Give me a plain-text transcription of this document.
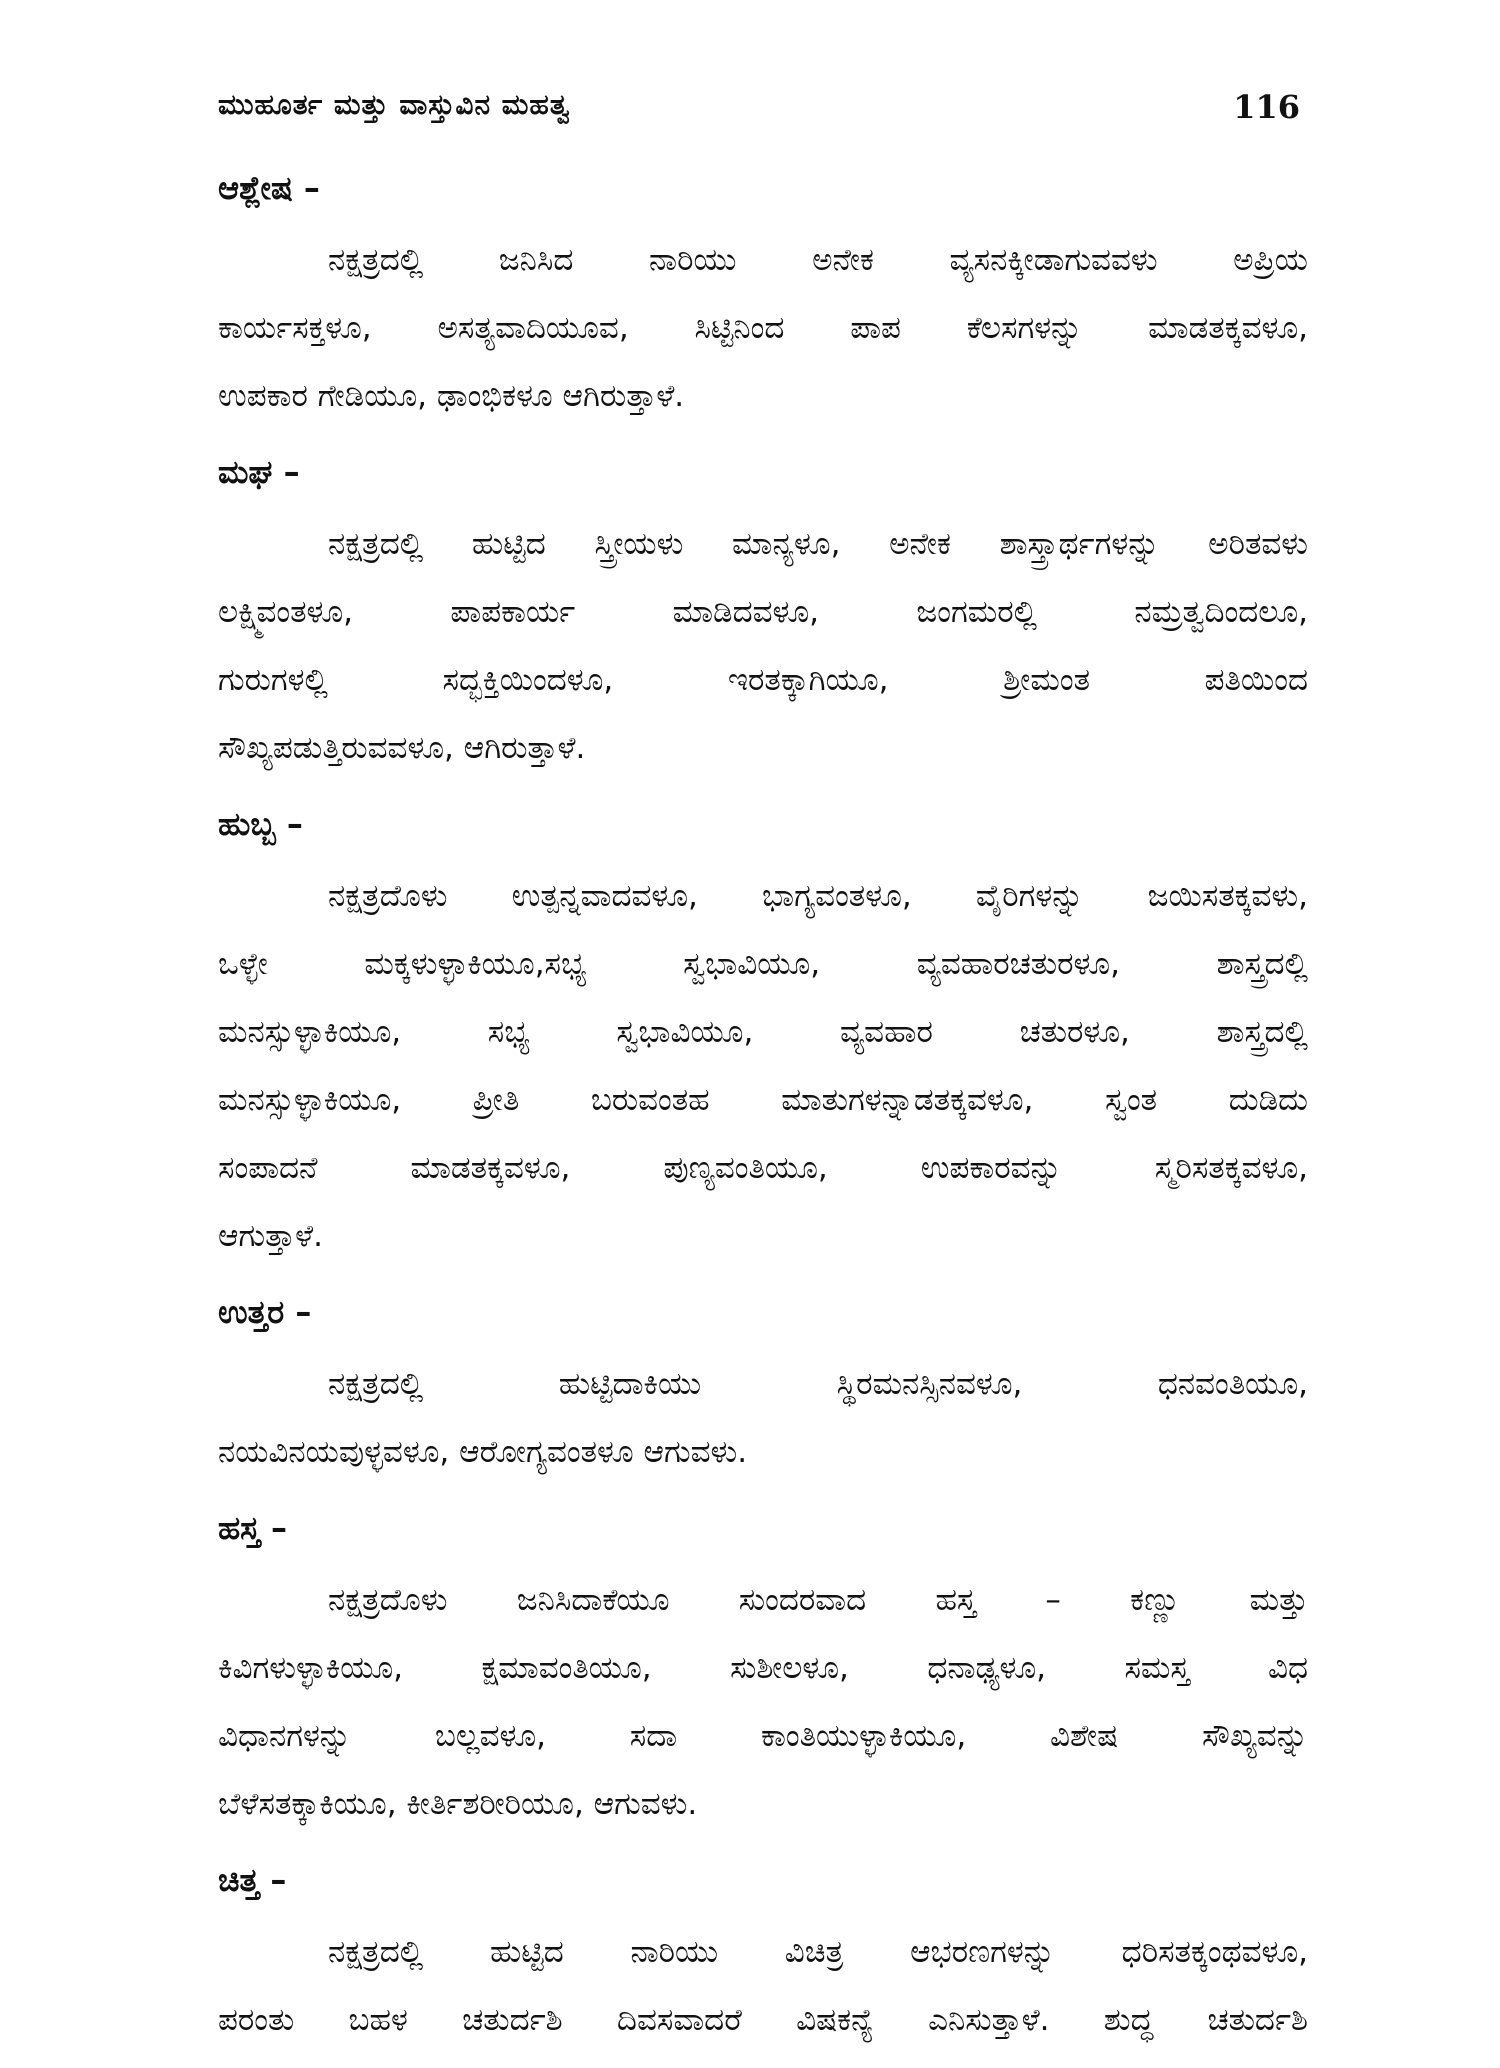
ಮುಹೂರ್ತ ಮತ್ತು ವಾಸ್ತುವಿನ ಮಹತ್ವ	116
ಆಶ್ಲೇಷ –
ನಕ್ಷತ್ರದಲ್ಲಿ ಜನಿಸಿದ ನಾರಿಯು ಅನೇಕ ವ್ಯಸನಕ್ಕೀಡಾಗುವವಳು ಅಪ್ರಿಯ
ಕಾರ್ಯಸಕ್ತಳೂ, ಅಸತ್ಯವಾದಿಯೂವ, ಸಿಟ್ಟಿನಿಂದ ಪಾಪ ಕೆಲಸಗಳನ್ನು ಮಾಡತಕ್ಕವಳೂ,
ಉಪಕಾರ ಗೇಡಿಯೂ, ಢಾಂಭಿಕಳೂ ಆಗಿರುತ್ತಾಳೆ.
ಮಘ –
ನಕ್ಷತ್ರದಲ್ಲಿ ಹುಟ್ಟಿದ ಸ್ತ್ರೀಯಳು ಮಾನ್ಯಳೂ, ಅನೇಕ ಶಾಸ್ತ್ರಾರ್ಥಗಳನ್ನು ಅರಿತವಳು
ಲಕ್ಷ್ಮಿವಂತಳೂ, ಪಾಪಕಾರ್ಯ ಮಾಡಿದವಳೂ, ಜಂಗಮರಲ್ಲಿ ನಮ್ರತ್ವದಿಂದಲೂ,
ಗುರುಗಳಲ್ಲಿ ಸದ್ಭಕ್ತಿಯಿಂದಳೂ, ಇರತಕ್ಕಾಗಿಯೂ, ಶ್ರೀಮಂತ ಪತಿಯಿಂದ
ಸೌಖ್ಯಪಡುತ್ತಿರುವವಳೂ, ಆಗಿರುತ್ತಾಳೆ.
ಹುಬ್ಬ –
ನಕ್ಷತ್ರದೊಳು ಉತ್ಪನ್ನವಾದವಳೂ, ಭಾಗ್ಯವಂತಳೂ, ವೈರಿಗಳನ್ನು ಜಯಿಸತಕ್ಕವಳು,
ಒಳ್ಳೇ ಮಕ್ಕಳುಳ್ಳಾಕಿಯೂ,ಸಭ್ಯ ಸ್ವಭಾವಿಯೂ, ವ್ಯವಹಾರಚತುರಳೂ, ಶಾಸ್ತ್ರದಲ್ಲಿ
ಮನಸ್ಸುಳ್ಳಾಕಿಯೂ, ಸಭ್ಯ ಸ್ವಭಾವಿಯೂ, ವ್ಯವಹಾರ ಚತುರಳೂ, ಶಾಸ್ತ್ರದಲ್ಲಿ
ಮನಸ್ಸುಳ್ಳಾಕಿಯೂ, ಪ್ರೀತಿ ಬರುವಂತಹ ಮಾತುಗಳನ್ನಾಡತಕ್ಕವಳೂ, ಸ್ವಂತ ದುಡಿದು
ಸಂಪಾದನೆ ಮಾಡತಕ್ಕವಳೂ, ಪುಣ್ಯವಂತಿಯೂ, ಉಪಕಾರವನ್ನು ಸ್ಮರಿಸತಕ್ಕವಳೂ,
ಆಗುತ್ತಾಳೆ.
ಉತ್ತರ –
ನಕ್ಷತ್ರದಲ್ಲಿ ಹುಟ್ಟಿದಾಕಿಯು ಸ್ಥಿರಮನಸ್ಸಿನವಳೂ, ಧನವಂತಿಯೂ,
ನಯವಿನಯವುಳ್ಳವಳೂ, ಆರೋಗ್ಯವಂತಳೂ ಆಗುವಳು.
ಹಸ್ತ –
ನಕ್ಷತ್ರದೊಳು ಜನಿಸಿದಾಕೆಯೂ ಸುಂದರವಾದ ಹಸ್ತ – ಕಣ್ಣು ಮತ್ತು
ಕಿವಿಗಳುಳ್ಳಾಕಿಯೂ, ಕ್ಷಮಾವಂತಿಯೂ, ಸುಶೀಲಳೂ, ಧನಾಢ್ಯಳೂ, ಸಮಸ್ತ ವಿಧ
ವಿಧಾನಗಳನ್ನು ಬಲ್ಲವಳೂ, ಸದಾ ಕಾಂತಿಯುಳ್ಳಾಕಿಯೂ, ವಿಶೇಷ ಸೌಖ್ಯವನ್ನು
ಬೆಳೆಸತಕ್ಕಾಕಿಯೂ, ಕೀರ್ತಿಶರೀರಿಯೂ, ಆಗುವಳು.
ಚಿತ್ತ –
ನಕ್ಷತ್ರದಲ್ಲಿ ಹುಟ್ಟಿದ ನಾರಿಯು ವಿಚಿತ್ರ ಆಭರಣಗಳನ್ನು ಧರಿಸತಕ್ಕಂಥವಳೂ,
ಪರಂತು ಬಹಳ ಚತುರ್ದಶಿ ದಿವಸವಾದರೆ ವಿಷಕನ್ಯೆ ಎನಿಸುತ್ತಾಳೆ. ಶುದ್ಧ ಚತುರ್ದಶಿ
